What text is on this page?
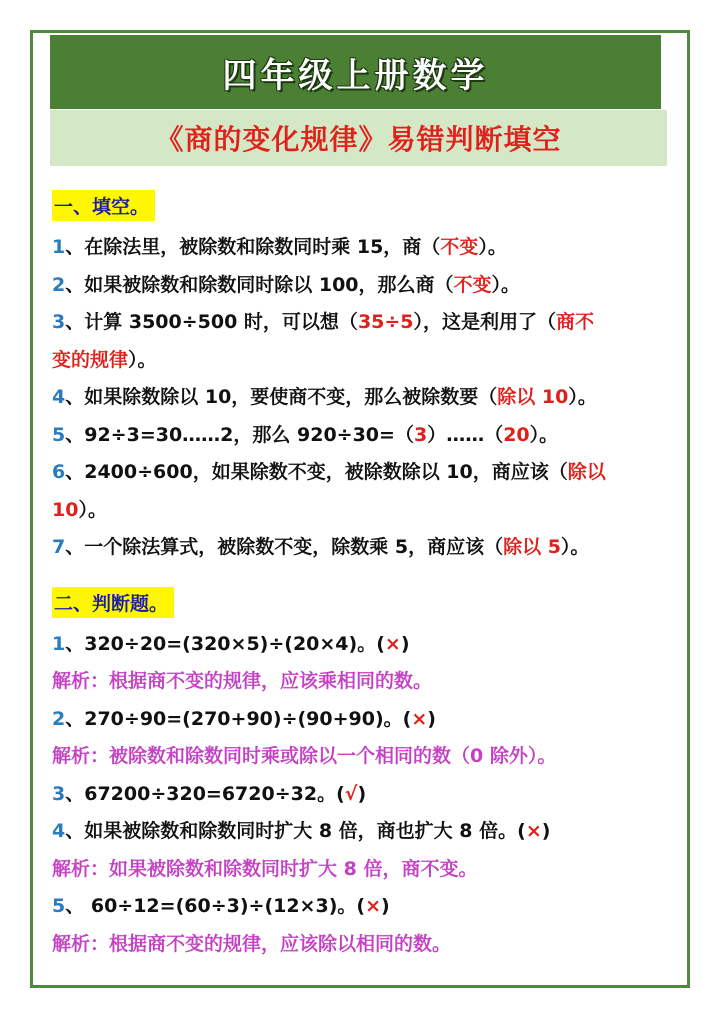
四年级上册数学
《商的变化规律》易错判断填空
一、填空。
1、在除法里，被除数和除数同时乘 15，商（不变）。
2、如果被除数和除数同时除以 100，那么商（不变）。
3、计算 3500÷500 时，可以想（35÷5），这是利用了（商不
变的规律）。
4、如果除数除以 10，要使商不变，那么被除数要（除以 10）。
5、92÷3=30……2，那么 920÷30=（3）……（20）。
6、2400÷600，如果除数不变，被除数除以 10，商应该（除以
10）。
7、一个除法算式，被除数不变，除数乘 5，商应该（除以 5）。
二、判断题。
1、320÷20=(320×5)÷(20×4)。(×)
解析：根据商不变的规律，应该乘相同的数。
2、270÷90=(270+90)÷(90+90)。(×)
解析：被除数和除数同时乘或除以一个相同的数（0 除外）。
3、67200÷320=6720÷32。(√)
4、如果被除数和除数同时扩大 8 倍，商也扩大 8 倍。(×)
解析：如果被除数和除数同时扩大 8 倍，商不变。
5、 60÷12=(60÷3)÷(12×3)。(×)
解析：根据商不变的规律，应该除以相同的数。
